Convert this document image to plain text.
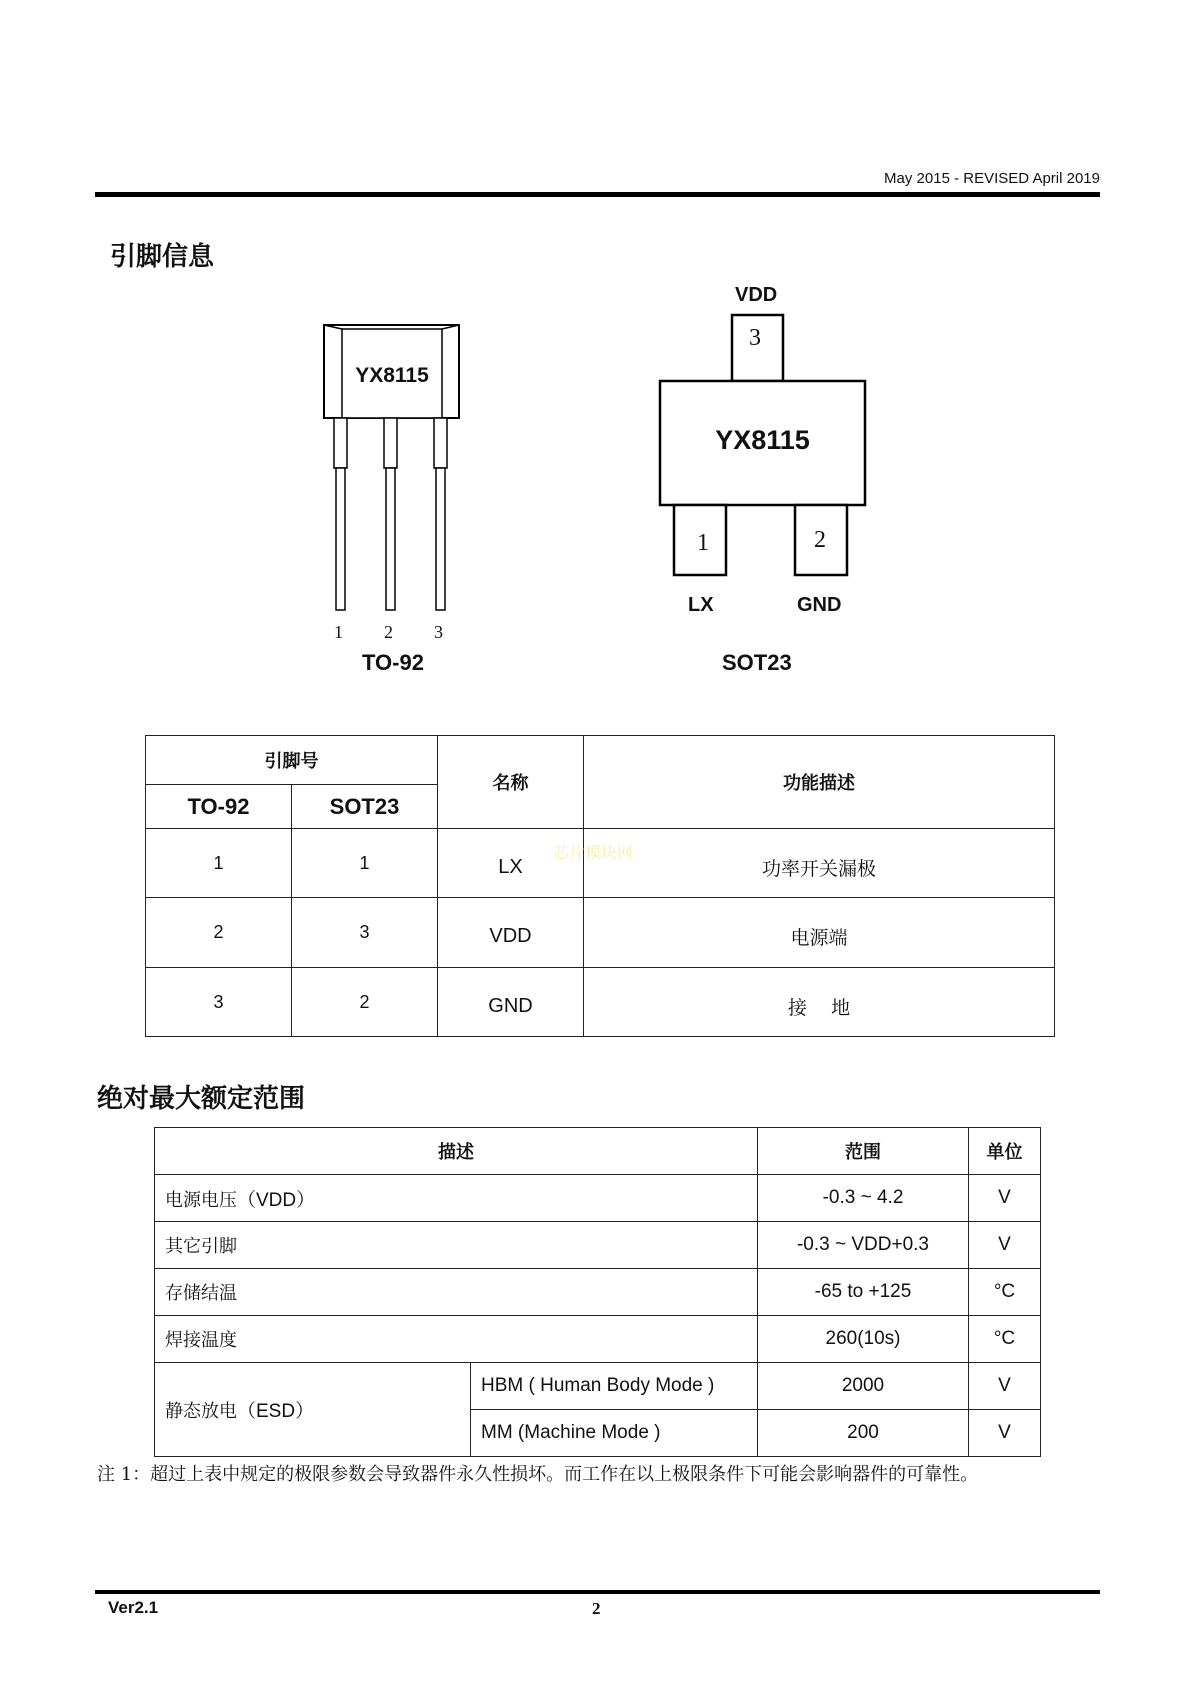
May 2015 - REVISED April 2019
引脚信息
YX8115
1 2 3
TO-92
VDD
3
YX8115
1	2
LX	GND
SOT23
引脚号		名称	功能描述
TO-92	SOT23		
1	1	LX	功率开关漏极
2	3	VDD	电源端
3	2	GND	接    地
芯片模块网
绝对最大额定范围
描述		范围	单位
电源电压（VDD）		-0.3 ~ 4.2	V
其它引脚		-0.3 ~ VDD+0.3	V
存储结温		-65 to +125	°C
焊接温度		260(10s)	°C
静态放电（ESD）	HBM ( Human Body Mode )	2000	V
	MM (Machine Mode )	200	V
注 1：超过上表中规定的极限参数会导致器件永久性损坏。而工作在以上极限条件下可能会影响器件的可靠性。
Ver2.1	2
